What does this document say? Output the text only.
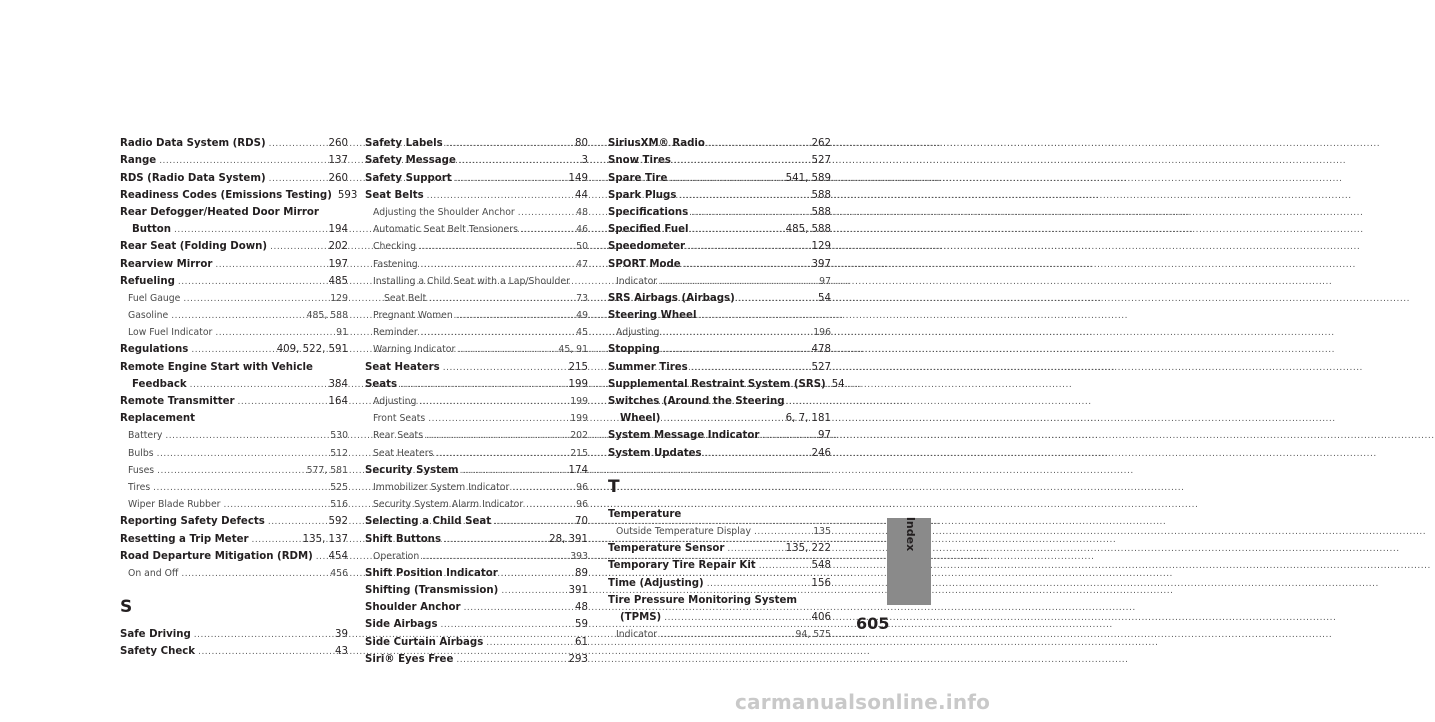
Radio Data System (RDS) .....	260
Range .....	137
RDS (Radio Data System) .....	260
Readiness Codes (Emissions Testing) 593
Rear Defogger/Heated Door Mirror
Button .....	194
Rear Seat (Folding Down) .....	202
Rearview Mirror .....	197
Refueling .....	485
Fuel Gauge .....	129
Gasoline .....	485, 588
Low Fuel Indicator .....	91
Regulations .....	409, 522, 591
Remote Engine Start with Vehicle
Feedback .....	384
Remote Transmitter .....	164
Replacement
Battery .....	530
Bulbs .....	512
Fuses .....	577, 581
Tires .....	525
Wiper Blade Rubber .....	516
Reporting Safety Defects .....	592
Resetting a Trip Meter .....	135, 137
Road Departure Mitigation (RDM) ..... 454
On and Off .....	456
S
Safe Driving .....	39
Safety Check .....	43
Safety Labels .....	80
Safety Message .....	3
Safety Support .....	149
Seat Belts .....	44
Adjusting the Shoulder Anchor .....	48
Automatic Seat Belt Tensioners .....	46
Checking .....	50
Fastening .....	47
Installing a Child Seat with a Lap/Shoulder
Seat Belt .....	73
Pregnant Women .....	49
Reminder .....	45
Warning Indicator .....	45, 91
Seat Heaters .....	215
Seats .....	199
Adjusting .....	199
Front Seats .....	199
Rear Seats .....	202
Seat Heaters .....	215
Security System .....	174
Immobilizer System Indicator .....	96
Security System Alarm Indicator .....	96
Selecting a Child Seat .....	70
Shift Buttons .....	28, 391
Operation .....	393
Shift Position Indicator .....	89
Shifting (Transmission) .....	391
Shoulder Anchor .....	48
Side Airbags .....	59
Side Curtain Airbags .....	61
Siri® Eyes Free .....	293
SiriusXM® Radio .....	262
Snow Tires .....	527
Spare Tire .....	541, 589
Spark Plugs .....	588
Specifications .....	588
Specified Fuel .....	485, 588
Speedometer .....	129
SPORT Mode .....	397
Indicator .....	97
SRS Airbags (Airbags) .....	54
Steering Wheel
Adjusting .....	196
Stopping .....	478
Summer Tires .....	527
Supplemental Restraint System (SRS) 54
Switches (Around the Steering
Wheel) .....	6, 7, 181
System Message Indicator .....	97
System Updates .....	246
T
Temperature
Outside Temperature Display .....	135
Temperature Sensor .....	135, 222
Temporary Tire Repair Kit .....	548
Time (Adjusting) .....	156
Tire Pressure Monitoring System
(TPMS) .....	406
Indicator .....	94, 575
Index
605
carmanualsonline.info
